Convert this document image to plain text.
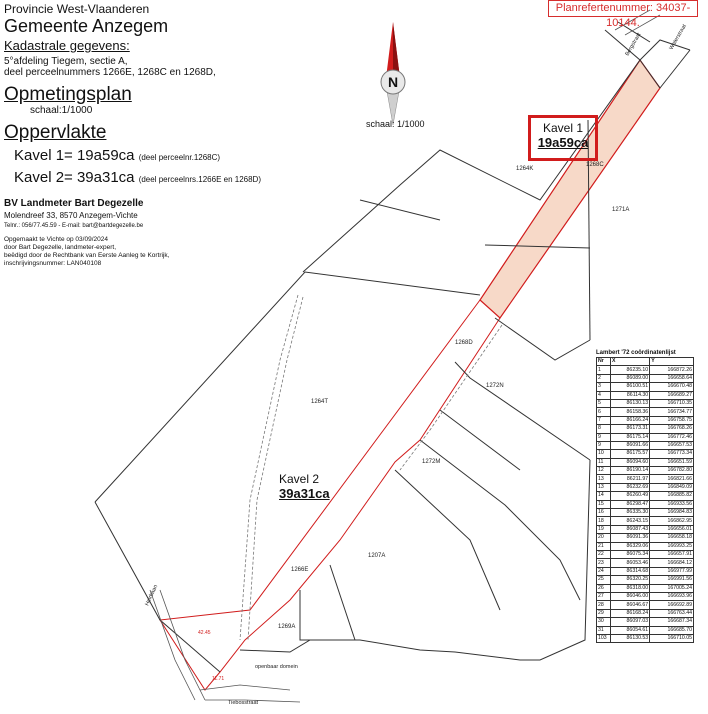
N
1268C
1264K
1271A
1268D
1272N
1264T
1272M
1207A
1266E
1269A
Waterstraat
Bergstraat
Tiebosstraat
Heirbaan
openbaar domein
42.45
11.71
Provincie West-Vlaanderen
Gemeente Anzegem
Kadastrale gegevens:
5°afdeling Tiegem, sectie A,
deel perceelnummers 1266E, 1268C en 1268D,
Opmetingsplan
schaal:1/1000
Oppervlakte
Kavel 1= 19a59ca (deel perceelnr.1268C)
Kavel 2= 39a31ca (deel perceelnrs.1266E en 1268D)
BV Landmeter Bart Degezelle
Molendreef 33, 8570 Anzegem-Vichte
Telnr.: 056/77.45.59 - E-mail: bart@bartdegezelle.be
Opgemaakt te Vichte op 03/09/2024
door Bart Degezelle, landmeter-expert,
beëdigd door de Rechtbank van Eerste Aanleg te Kortrijk,
inschrijvingsnummer: LAN040108
Planrefertenummer: 34037-10144.
schaal: 1/1000	Kavel 1
19a59ca
Kavel 2
39a31ca
Lambert '72 coördinatenlijst
Nr	X	Y
1	86235.10	166872.26
2	86089.00	166658.64
3	86100.51	166670.48
4	86114.30	166689.27
5	86130.13	166710.35
6	86158.36	166734.77
7	86166.24	166758.75
8	86173.31	166768.26
9	86175.14	166772.46
9	86091.66	166657.53
10	86175.57	166773.34
11	86094.60	166651.59
12	86190.14	166782.80
13	86211.97	166821.66
13	86232.69	166849.09
14	86260.49	166885.82
15	86298.47	166933.56
16	86335.30	166984.83
18	86243.15	166862.95
19	86087.43	166656.01
20	86091.36	166658.18
21	86329.06	166993.25
22	86075.34	166657.91
23	86053.46	166684.12
24	86314.68	166977.99
25	86320.25	166991.56
26	86318.00	167005.24
27	86046.00	166693.96
28	86046.67	166692.89
29	86168.24	166763.44
30	86097.03	166687.34
31	86054.61	166685.70
103	86130.53	166710.05
